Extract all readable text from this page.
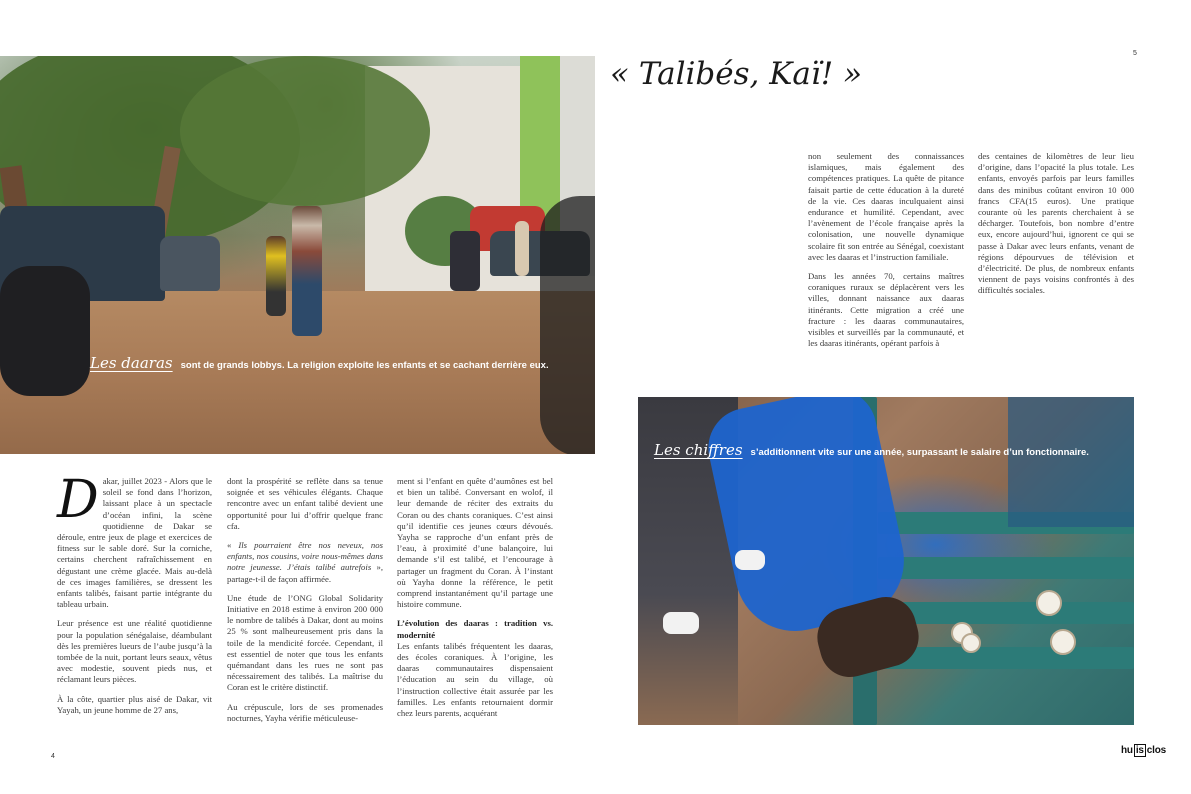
Les daaras sont de grands lobbys. La religion exploite les enfants et se cachant derrière eux.

Dakar, juillet 2023 - Alors que le soleil se fond dans l’horizon, laissant place à un spectacle d’océan infini, la scène quotidienne de Dakar se déroule, entre jeux de plage et exercices de fitness sur le sable doré. Sur la corniche, certains cherchent rafraîchissement en dégustant une crème glacée. Mais au-delà de ces images familières, se dressent les enfants talibés, faisant partie intégrante du tableau urbain.

Leur présence est une réalité quotidienne pour la population sénégalaise, déambulant dès les premières lueurs de l’aube jusqu’à la tombée de la nuit, portant leurs seaux, vêtus avec modestie, souvent pieds nus, et réclamant leurs pièces.

À la côte, quartier plus aisé de Dakar, vit Yayah, un jeune homme de 27 ans,

dont la prospérité se reflète dans sa tenue soignée et ses véhicules élégants. Chaque rencontre avec un enfant talibé devient une opportunité pour lui d’offrir quelque franc cfa.

« Ils pourraient être nos neveux, nos enfants, nos cousins, voire nous-mêmes dans notre jeunesse. J’étais talibé autrefois », partage-t-il de façon affirmée.

Une étude de l’ONG Global Solidarity Initiative en 2018 estime à environ 200 000 le nombre de talibés à Dakar, dont au moins 25 % sont malheureusement pris dans la toile de la mendicité forcée. Cependant, il est essentiel de noter que tous les enfants quémandant dans les rues ne sont pas nécessairement des talibés. La maîtrise du Coran est le critère distinctif.

Au crépuscule, lors de ses promenades nocturnes, Yayha vérifie méticuleuse-

ment si l’enfant en quête d’aumônes est bel et bien un talibé. Conversant en wolof, il leur demande de réciter des extraits du Coran ou des chants coraniques. C’est ainsi qu’il identifie ces jeunes cœurs dévoués. Yayha se rapproche d’un enfant près de l’eau, à proximité d’une balançoire, lui demande s’il est talibé, et l’encourage à partager un fragment du Coran. À l’instant où Yayha donne la référence, le petit comprend instantanément qu’il partage une histoire commune.

L’évolution des daaras : tradition vs. modernité

Les enfants talibés fréquentent les daaras, des écoles coraniques. À l’origine, les daaras communautaires dispensaient l’éducation au sein du village, où l’instruction collective était assurée par les familles. Les enfants retournaient dormir chez leurs parents, acquérant

4
5
« Talibés, Kaï! »

non seulement des connaissances islamiques, mais également des compétences pratiques. La quête de pitance faisait partie de cette éducation à la dureté de la vie. Ces daaras inculquaient ainsi endurance et humilité. Cependant, avec l’avènement de l’école française après la colonisation, une nouvelle dynamique scolaire fit son entrée au Sénégal, coexistant avec les daaras et l’instruction familiale.

Dans les années 70, certains maîtres coraniques ruraux se déplacèrent vers les villes, donnant naissance aux daaras itinérants. Cette migration a créé une fracture : les daaras communautaires, visibles et surveillés par la communauté, et les daaras itinérants, opérant parfois à

des centaines de kilomètres de leur lieu d’origine, dans l’opacité la plus totale. Les enfants, envoyés parfois par leurs familles dans des minibus coûtant environ 10 000 francs CFA(15 euros). Une pratique courante où les parents cherchaient à se décharger. Toutefois, bon nombre d’entre eux, encore aujourd’hui, ignorent ce qui se passe à Dakar avec leurs enfants, venant de régions dépourvues de télévision et d’électricité. De plus, de nombreux enfants viennent de pays voisins confrontés à des difficultés sociales.

Les chiffres s’additionnent vite sur une année, surpassant le salaire d’un fonctionnaire.
hu is clos
